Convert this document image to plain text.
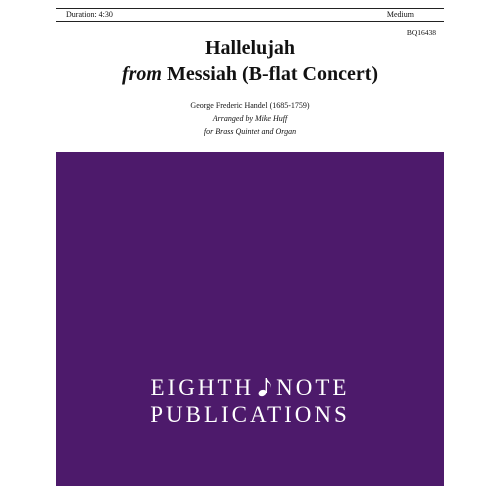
Duration: 4:30	Medium
BQ16438
Hallelujah
from Messiah (B-flat Concert)
George Frederic Handel (1685-1759)
Arranged by Mike Huff
for Brass Quintet and Organ
EIGHTH NOTE
PUBLICATIONS
